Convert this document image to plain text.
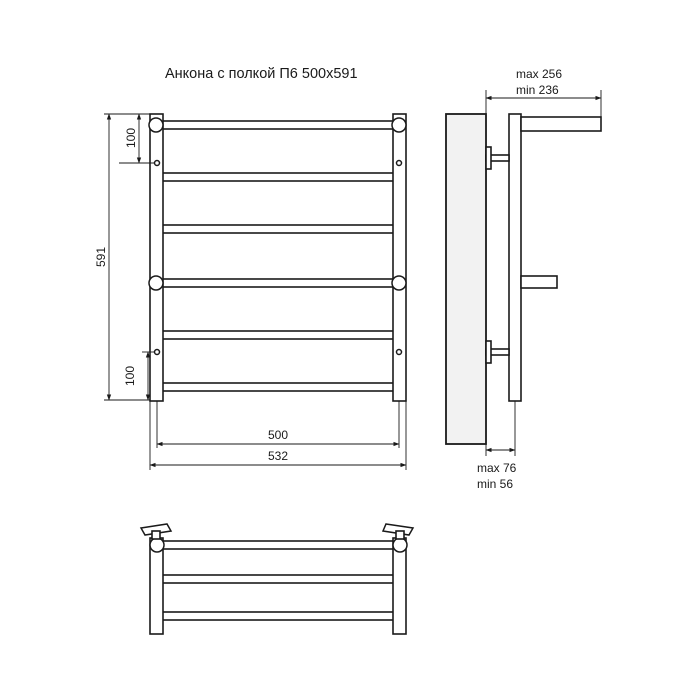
Анкона с полкой П6 500х591
591
100
100
500
532
max 256
min 236
max 76
min 56
